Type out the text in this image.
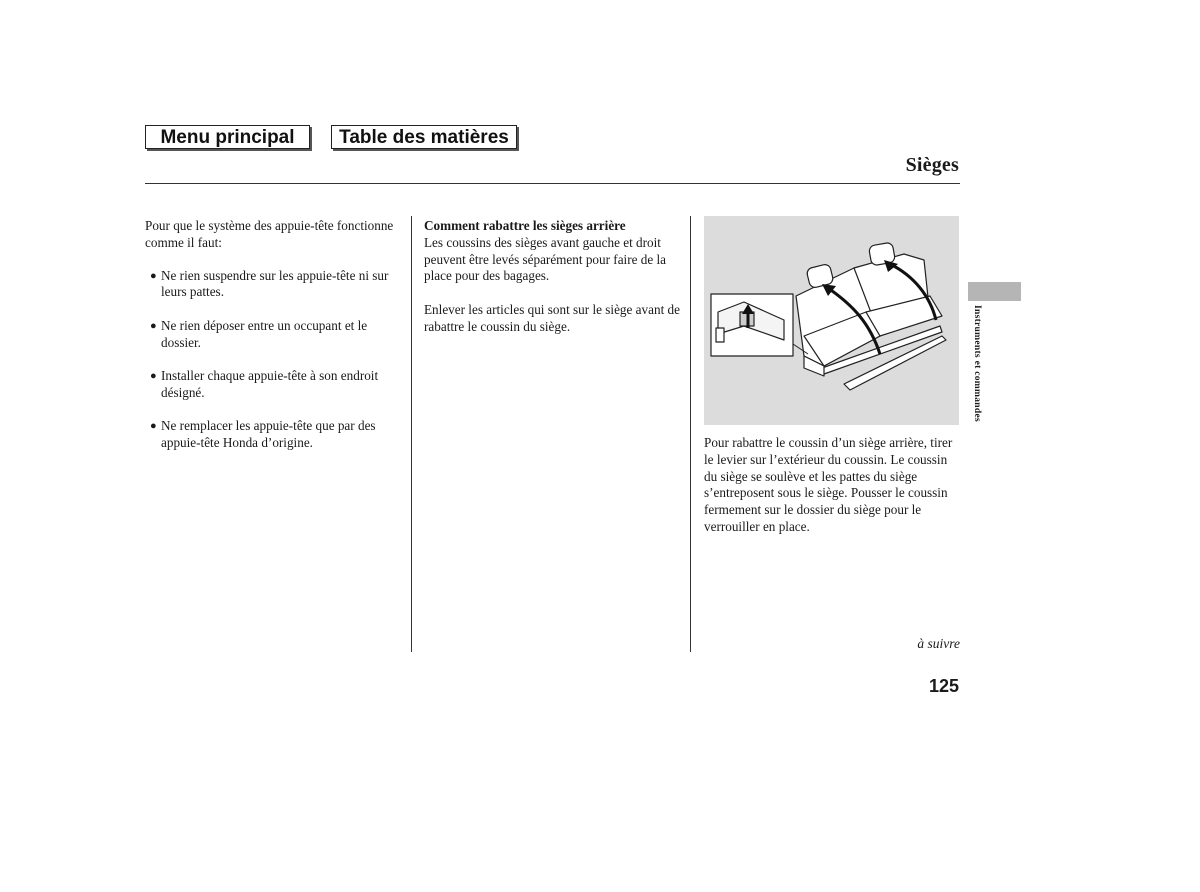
Menu principal	Table des matières
Sièges

Pour que le système des appuie-tête fonctionne comme il faut:

● Ne rien suspendre sur les appuie-tête ni sur leurs pattes.
● Ne rien déposer entre un occupant et le dossier.
● Installer chaque appuie-tête à son endroit désigné.
● Ne remplacer les appuie-tête que par des appuie-tête Honda d’origine.

Comment rabattre les sièges arrière

Les coussins des sièges avant gauche et droit peuvent être levés séparément pour faire de la place pour des bagages.

Enlever les articles qui sont sur le siège avant de rabattre le coussin du siège.

Pour rabattre le coussin d’un siège arrière, tirer le levier sur l’extérieur du coussin. Le coussin du siège se soulève et les pattes du siège s’entreposent sous le siège. Pousser le coussin fermement sur le dossier du siège pour le verrouiller en place.

Instruments et commandes
à suivre
125
